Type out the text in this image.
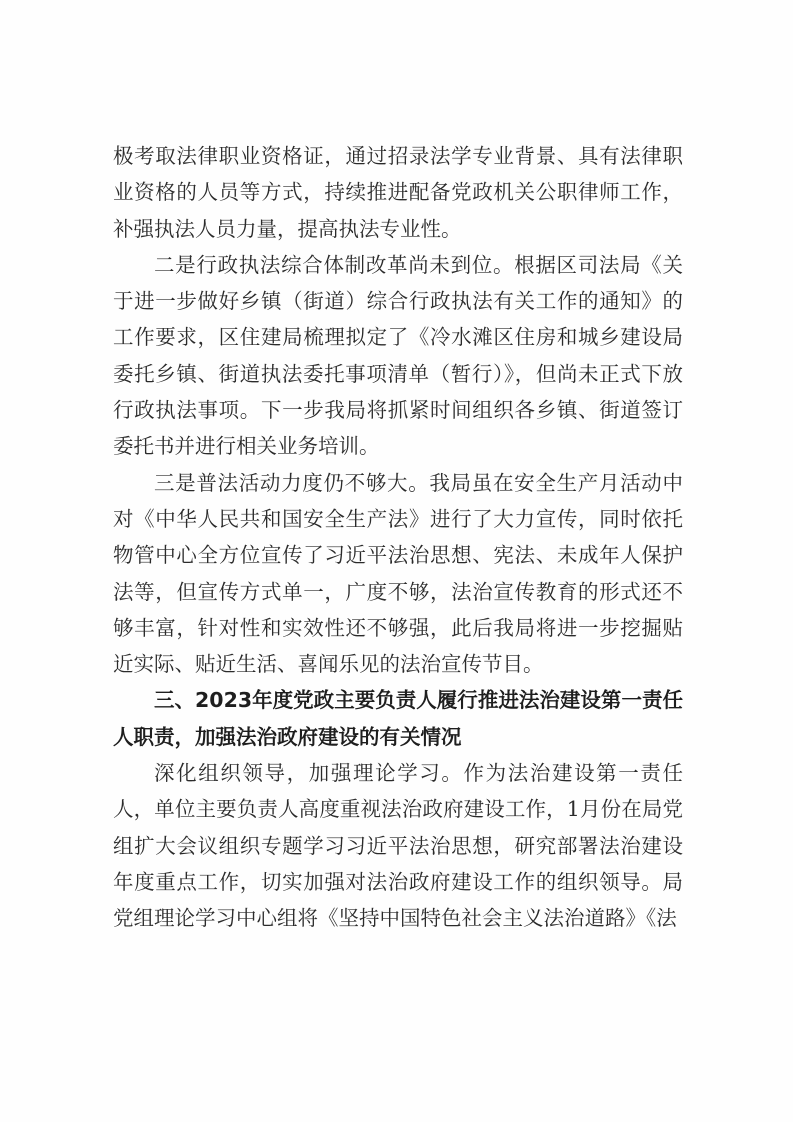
极考取法律职业资格证，通过招录法学专业背景、具有法律职业资格的人员等方式，持续推进配备党政机关公职律师工作，补强执法人员力量，提高执法专业性。

二是行政执法综合体制改革尚未到位。根据区司法局《关于进一步做好乡镇（街道）综合行政执法有关工作的通知》的工作要求，区住建局梳理拟定了《冷水滩区住房和城乡建设局委托乡镇、街道执法委托事项清单（暂行）》，但尚未正式下放行政执法事项。下一步我局将抓紧时间组织各乡镇、街道签订委托书并进行相关业务培训。

三是普法活动力度仍不够大。我局虽在安全生产月活动中对《中华人民共和国安全生产法》进行了大力宣传，同时依托物管中心全方位宣传了习近平法治思想、宪法、未成年人保护法等，但宣传方式单一，广度不够，法治宣传教育的形式还不够丰富，针对性和实效性还不够强，此后我局将进一步挖掘贴近实际、贴近生活、喜闻乐见的法治宣传节目。

三、2023年度党政主要负责人履行推进法治建设第一责任人职责，加强法治政府建设的有关情况

深化组织领导，加强理论学习。作为法治建设第一责任人，单位主要负责人高度重视法治政府建设工作，1月份在局党组扩大会议组织专题学习习近平法治思想，研究部署法治建设年度重点工作，切实加强对法治政府建设工作的组织领导。局党组理论学习中心组将《坚持中国特色社会主义法治道路》《法
